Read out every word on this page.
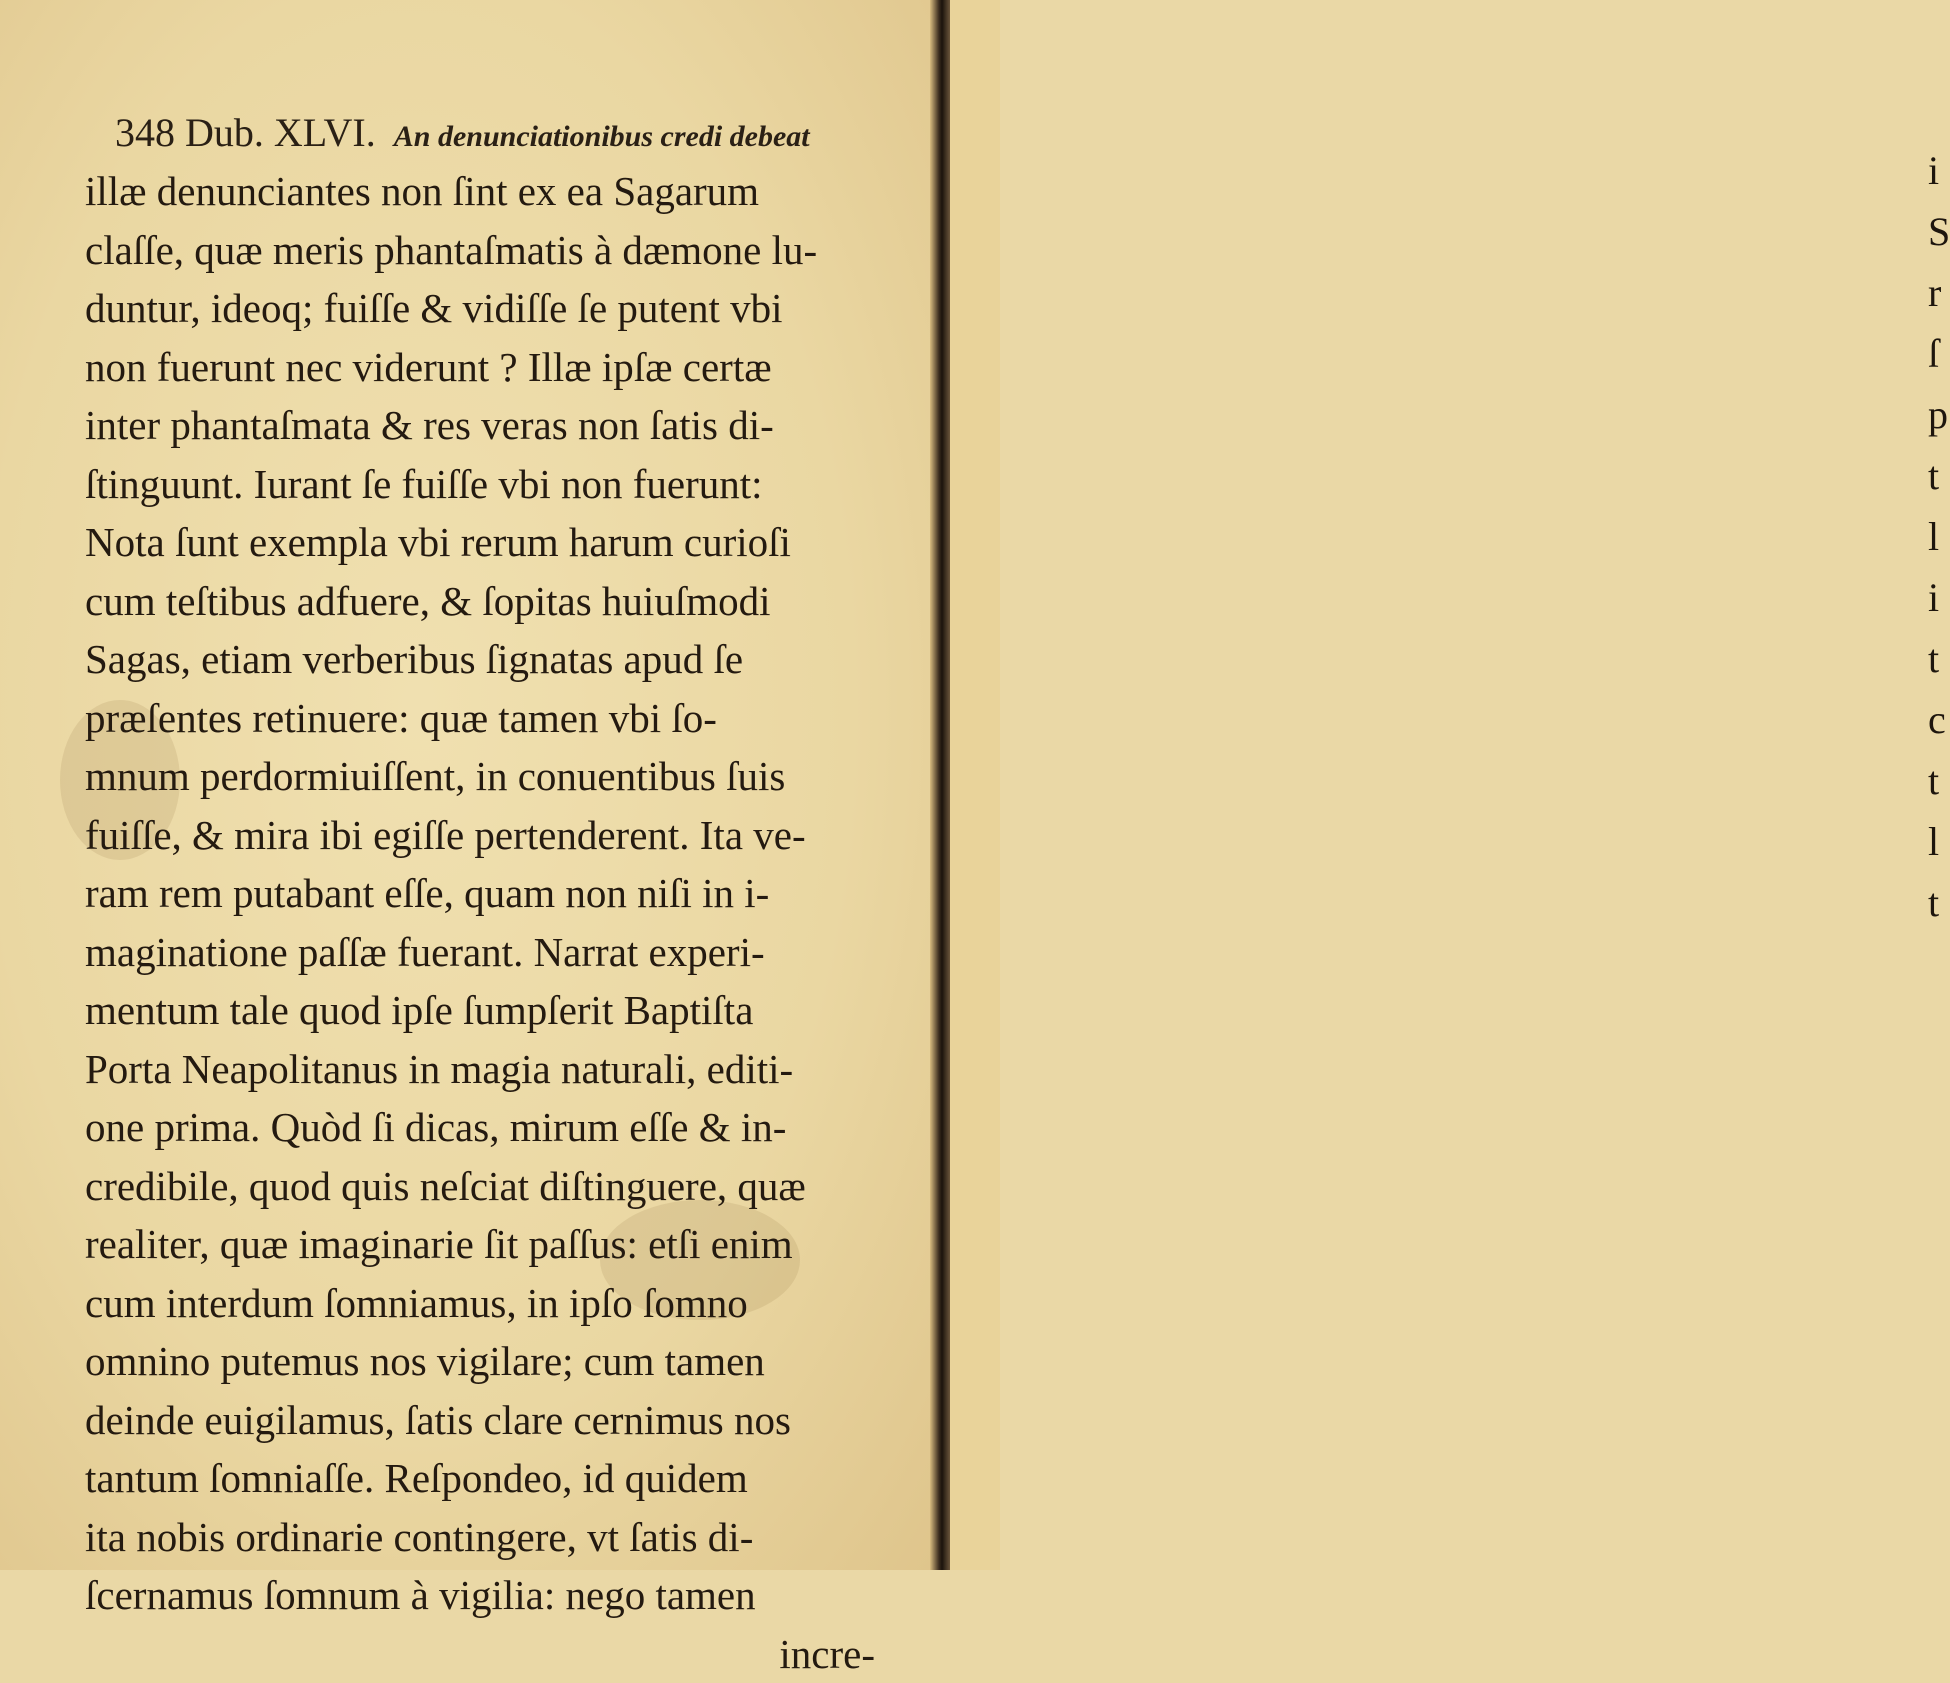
348 Dub. XLVI. An denunciationibus credi debeat
illæ denunciantes non ſint ex ea Sagarum
claſſe, quæ meris phantaſmatis à dæmone lu-
duntur, ideoq; fuiſſe & vidiſſe ſe putent vbi
non fuerunt nec viderunt ? Illæ ipſæ certæ
inter phantaſmata & res veras non ſatis di-
ſtinguunt. Iurant ſe fuiſſe vbi non fuerunt:
Nota ſunt exempla vbi rerum harum curioſi
cum teſtibus adfuere, & ſopitas huiuſmodi
Sagas, etiam verberibus ſignatas apud ſe
præſentes retinuere: quæ tamen vbi ſo-
mnum perdormiuiſſent, in conuentibus ſuis
fuiſſe, & mira ibi egiſſe pertenderent. Ita ve-
ram rem putabant eſſe, quam non niſi in i-
maginatione paſſæ fuerant. Narrat experi-
mentum tale quod ipſe ſumpſerit Baptiſta
Porta Neapolitanus in magia naturali, editi-
one prima. Quòd ſi dicas, mirum eſſe & in-
credibile, quod quis neſciat diſtinguere, quæ
realiter, quæ imaginarie ſit paſſus: etſi enim
cum interdum ſomniamus, in ipſo ſomno
omnino putemus nos vigilare; cum tamen
deinde euigilamus, ſatis clare cernimus nos
tantum ſomniaſſe. Reſpondeo, id quidem
ita nobis ordinarie contingere, vt ſatis di-
ſcernamus ſomnum à vigilia: nego tamen
incre-
i
S
r
ſ
p
t
l
i
t
c
t
l
t
